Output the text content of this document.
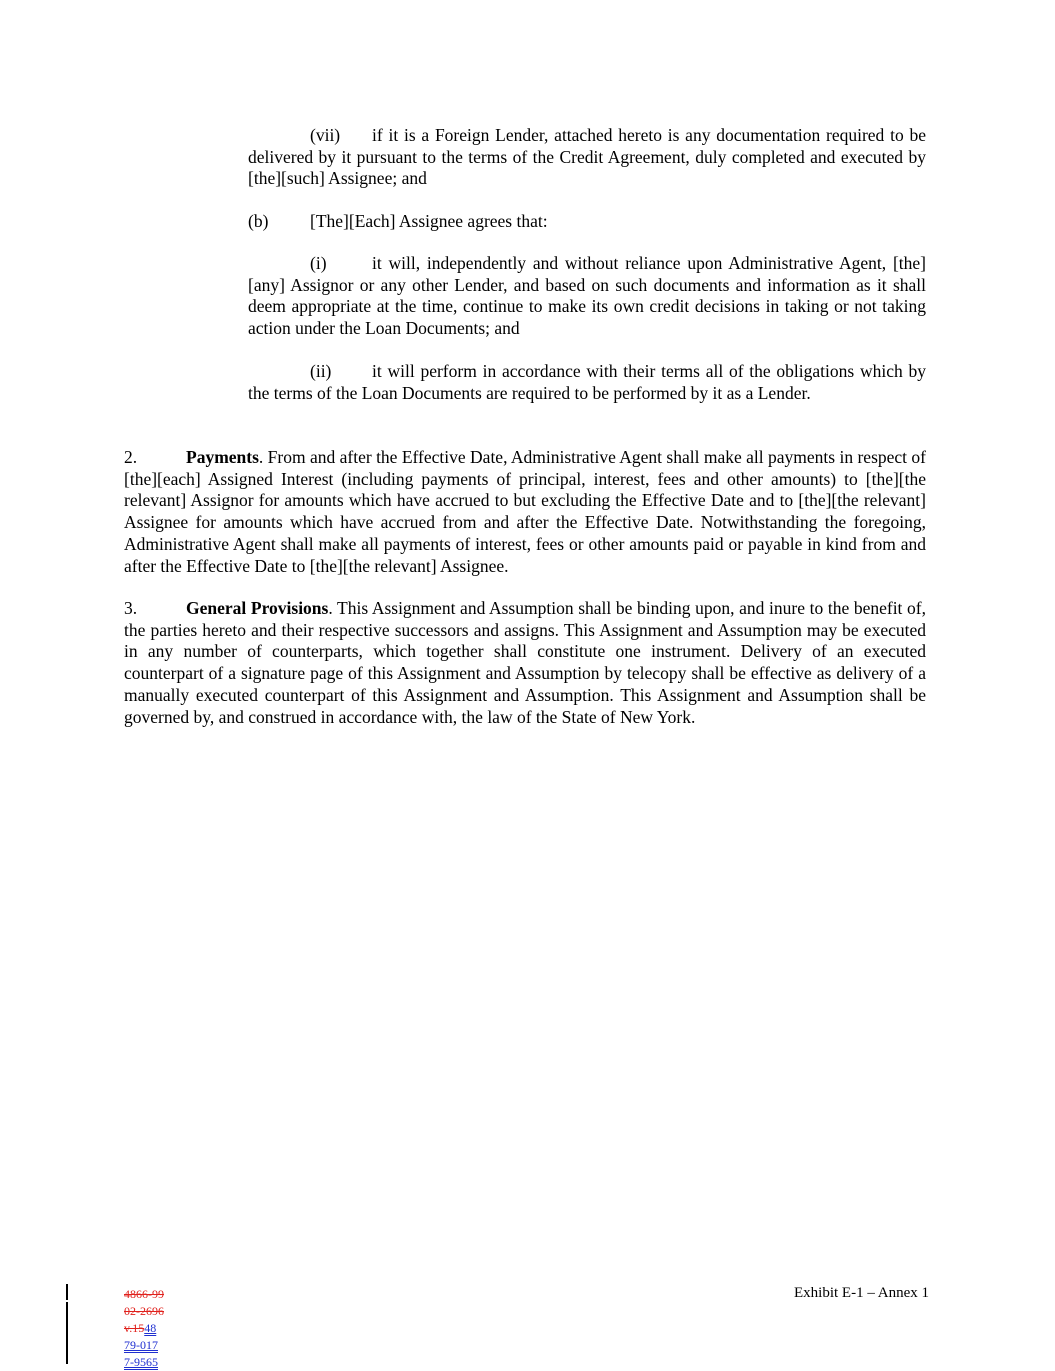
(vii) if it is a Foreign Lender, attached hereto is any documentation required to be delivered by it pursuant to the terms of the Credit Agreement, duly completed and executed by [the][such] Assignee; and

(b) [The][Each] Assignee agrees that:

(i)	it will, independently and without reliance upon Administrative Agent, [the][any] Assignor or any other Lender, and based on such documents and information as it shall deem appropriate at the time, continue to make its own credit decisions in taking or not taking action under the Loan Documents; and

(ii) it will perform in accordance with their terms all of the obligations which by the terms of the Loan Documents are required to be performed by it as a Lender.

2.	Payments. From and after the Effective Date, Administrative Agent shall make all payments in respect of [the][each] Assigned Interest (including payments of principal, interest, fees and other amounts) to [the][the relevant] Assignor for amounts which have accrued to but excluding the Effective Date and to [the][the relevant] Assignee for amounts which have accrued from and after the Effective Date. Notwithstanding the foregoing, Administrative Agent shall make all payments of interest, fees or other amounts paid or payable in kind from and after the Effective Date to [the][the relevant] Assignee.

3.	General Provisions. This Assignment and Assumption shall be binding upon, and inure to the benefit of, the parties hereto and their respective successors and assigns. This Assignment and Assumption may be executed in any number of counterparts, which together shall constitute one instrument. Delivery of an executed counterpart of a signature page of this Assignment and Assumption by telecopy shall be effective as delivery of a manually executed counterpart of this Assignment and Assumption. This Assignment and Assumption shall be governed by, and construed in accordance with, the law of the State of New York.

Exhibit E-1 – Annex 1
4866-99
02-2696
v.1548
79-017
7-9565
